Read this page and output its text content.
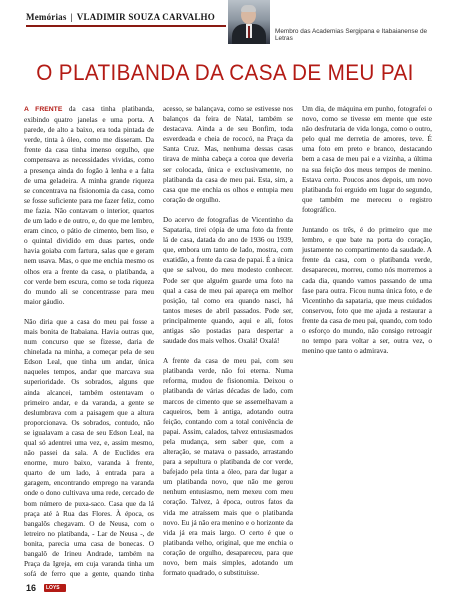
Memórias | VLADIMIR SOUZA CARVALHO
Membro das Academias Sergipana e Itabaianense de Letras
O PLATIBANDA DA CASA DE MEU PAI

A FRENTE da casa tinha platibanda, exibindo quatro janelas e uma porta. A parede, de alto a baixo, era toda pintada de verde, tinta à óleo, como me disseram. Da frente da casa tinha imenso orgulho, que compensava as necessidades vividas, como a presença ainda do fogão à lenha e a falta de uma geladeira. A minha grande riqueza se concentrava na fisionomia da casa, como se fosse suficiente para me fazer feliz, como me fazia. Não contavam o interior, quartos de um lado e de outro, e, do que me lembro, eram cinco, o pátio de cimento, bem liso, e o quintal dividido em duas partes, onde havia goiaba com fartura, salas que e geram nem usava. Mas, o que me enchia mesmo os olhos era a frente da casa, o platibanda, a cor verde bem escura, como se toda riqueza do mundo ali se concentrasse para meu maior gáudio.

Não diria que a casa do meu pai fosse a mais bonita de Itabaiana. Havia outras que, num concurso que se fizesse, daria de chinelada na minha, a começar pela de seu Edson Leal, que tinha um andar, única naqueles tempos, andar que marcava sua superioridade. Os sobrados, alguns que ainda alcancei, também ostentavam o primeiro andar, e da varanda, a gente se deslumbrava com a paisagem que a altura proporcionava. Os sobrados, contudo, não se igualavam a casa de seu Edson Leal, na qual só adentrei uma vez, e, assim mesmo, não passei da sala. A de Euclides era enorme, muro baixo, varanda à frente, quarto de um lado, à entrada para a garagem, encontrando emprego na varanda onde o dono cultivava uma rede, cercado de bom número de puxa-saco. Casa que da lá praça até à Rua das Flores. À época, os bangalôs chegavam. O de Neusa, com o letreiro no platibanda, - Lar de Neusa -, de bonita, parecia uma casa de bonecas. O bangalô de Irineu Andrade, também na Praça da Igreja, em cuja varanda tinha um sofá de ferro que a gente, quando tinha acesso, se balançava, como se estivesse nos balanços da feira de Natal, também se destacava. Ainda a de seu Bonfim, toda esverdeada e cheia de rococó, na Praça da Santa Cruz. Mas, nenhuma dessas casas tirava de minha cabeça a coroa que deveria ser colocada, única e exclusivamente, no platibanda da casa de meu pai. Esta, sim, a casa que me enchia os olhos e entupia meu coração de orgulho.

Do acervo de fotografias de Vicentinho da Sapataria, tirei cópia de uma foto da frente lá de casa, datada do ano de 1936 ou 1939, que, embora um tanto de lado, mostra, com exatidão, a frente da casa de papai. É a única que se salvou, do meu modesto conhecer. Pode ser que alguém guarde uma foto na qual a casa de meu pai apareça em melhor posição, tal como era quando nasci, há tantos meses de abril passados. Pode ser, principalmente quando, aqui e ali, fotos antigas são postadas para despertar a saudade dos mais velhos. Oxalá! Oxalá!

A frente da casa de meu pai, com seu platibanda verde, não foi eterna. Numa reforma, mudou de fisionomia. Deixou o platibanda de várias décadas de lado, com marcos de cimento que se assemelhavam a caqueiros, bem à antiga, adotando outra feição, contando com a total conivência de papai. Assim, calados, talvez entusiasmados pela mudança, sem saber que, com a alteração, se matava o passado, arrastando para a sepultura o platibanda de cor verde, bafejado pela tinta a óleo, para dar lugar a um platibanda novo, que não me gerou nenhum entusiasmo, nem mexeu com meu coração. Talvez, à época, outros fatos da vida me atraíssem mais que o platibanda novo. Eu já não era menino e o horizonte da vida já era mais largo. O certo é que o platibanda velho, original, que me enchia o coração de orgulho, desapareceu, para que novo, bem mais simples, adotando um formato quadrado, o substituísse.

Um dia, de máquina em punho, fotografei o novo, como se tivesse em mente que este não desfrutaria de vida longa, como o outro, pelo qual me derretia de amores, teve. É uma foto em preto e branco, destacando bem a casa de meu pai e a vizinha, a última na sua feição dos meus tempos de menino. Estava certo. Poucos anos depois, um novo platibanda foi erguido em lugar do segundo, que também me mereceu o registro fotográfico.

Juntando os três, é do primeiro que me lembro, e que bate na porta do coração, justamente no compartimento da saudade. A frente da casa, com o platibanda verde, desapareceu, morreu, como nós morremos a cada dia, quando vamos passando de uma fase para outra. Ficou numa única foto, e de Vicentinho da sapataria, que meus cuidados conservou, foto que me ajuda a restaurar a frente da casa de meu pai, quando, com todo o esforço do mundo, não consigo retroagir no tempo para voltar a ser, outra vez, o menino que tanto o admirava.

16 LOYS
